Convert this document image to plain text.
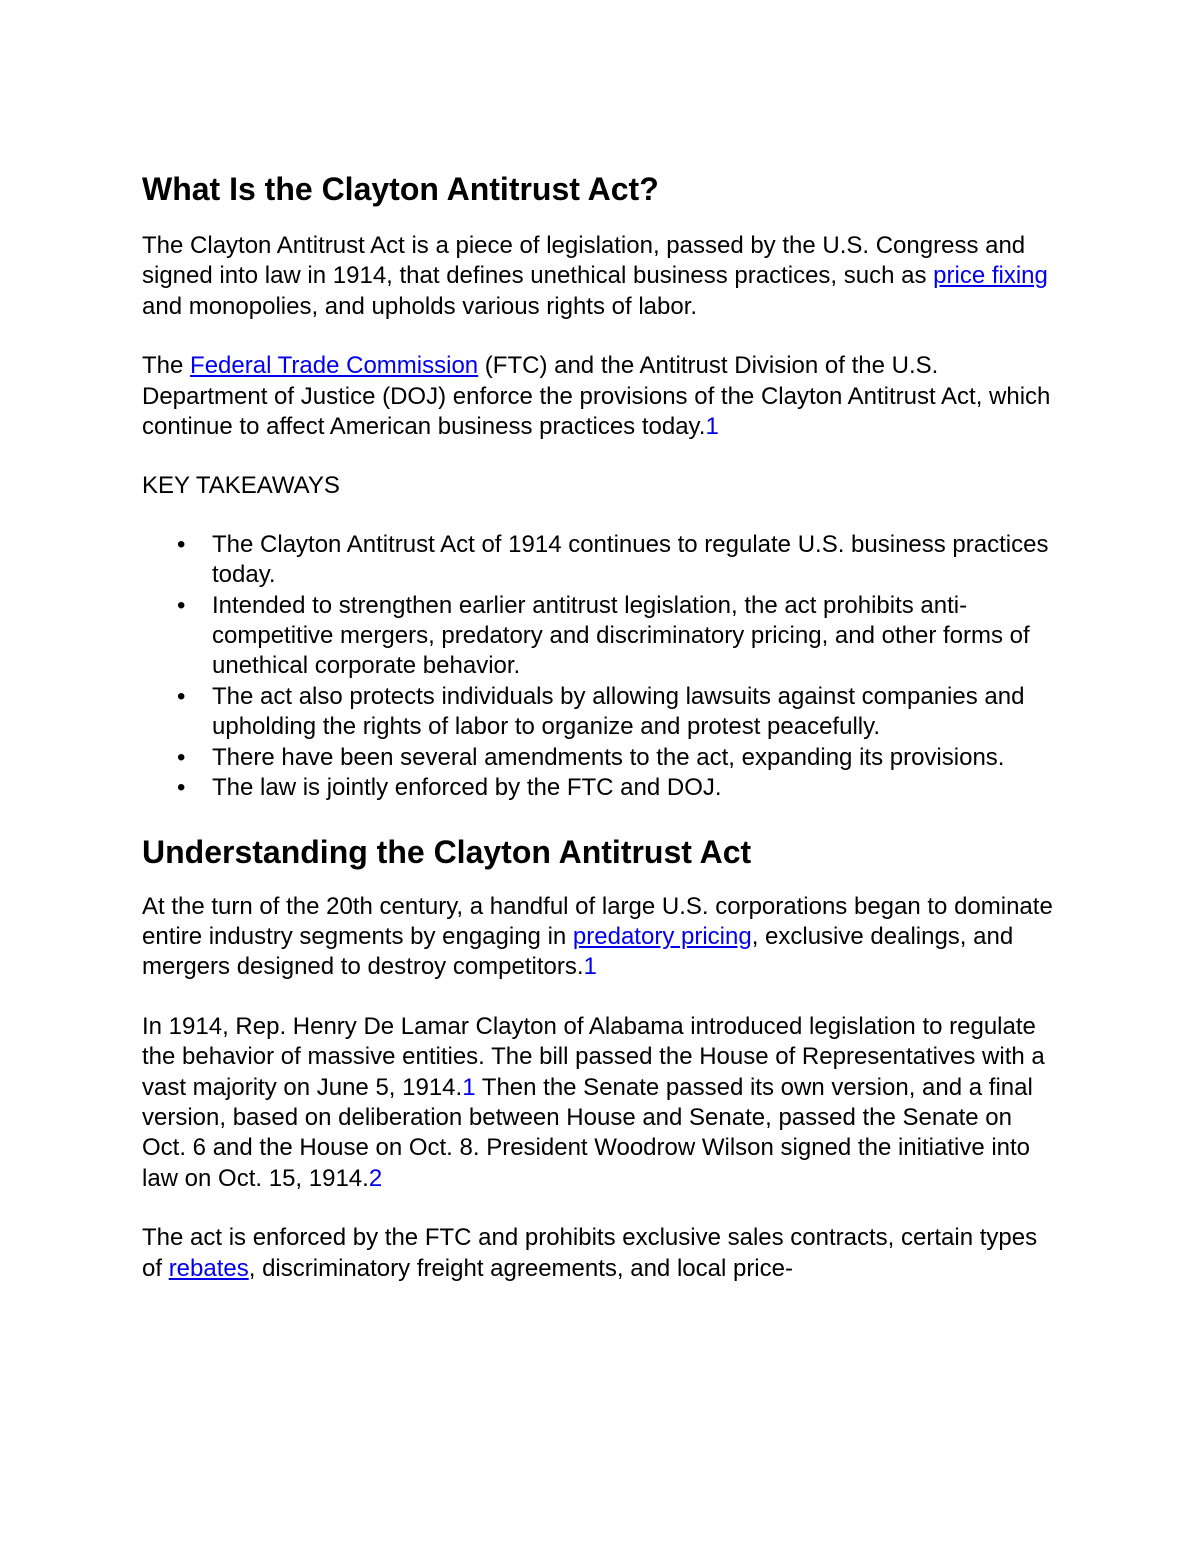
What Is the Clayton Antitrust Act?

The Clayton Antitrust Act is a piece of legislation, passed by the U.S. Congress and signed into law in 1914, that defines unethical business practices, such as price fixing and monopolies, and upholds various rights of labor.

The Federal Trade Commission (FTC) and the Antitrust Division of the U.S. Department of Justice (DOJ) enforce the provisions of the Clayton Antitrust Act, which continue to affect American business practices today.1

KEY TAKEAWAYS

• The Clayton Antitrust Act of 1914 continues to regulate U.S. business practices today.
• Intended to strengthen earlier antitrust legislation, the act prohibits anti-competitive mergers, predatory and discriminatory pricing, and other forms of unethical corporate behavior.
• The act also protects individuals by allowing lawsuits against companies and upholding the rights of labor to organize and protest peacefully.
• There have been several amendments to the act, expanding its provisions.
• The law is jointly enforced by the FTC and DOJ.
Understanding the Clayton Antitrust Act

At the turn of the 20th century, a handful of large U.S. corporations began to dominate entire industry segments by engaging in predatory pricing, exclusive dealings, and mergers designed to destroy competitors.1

In 1914, Rep. Henry De Lamar Clayton of Alabama introduced legislation to regulate the behavior of massive entities. The bill passed the House of Representatives with a vast majority on June 5, 1914.1 Then the Senate passed its own version, and a final version, based on deliberation between House and Senate, passed the Senate on Oct. 6 and the House on Oct. 8. President Woodrow Wilson signed the initiative into law on Oct. 15, 1914.2

The act is enforced by the FTC and prohibits exclusive sales contracts, certain types of rebates, discriminatory freight agreements, and local price-
